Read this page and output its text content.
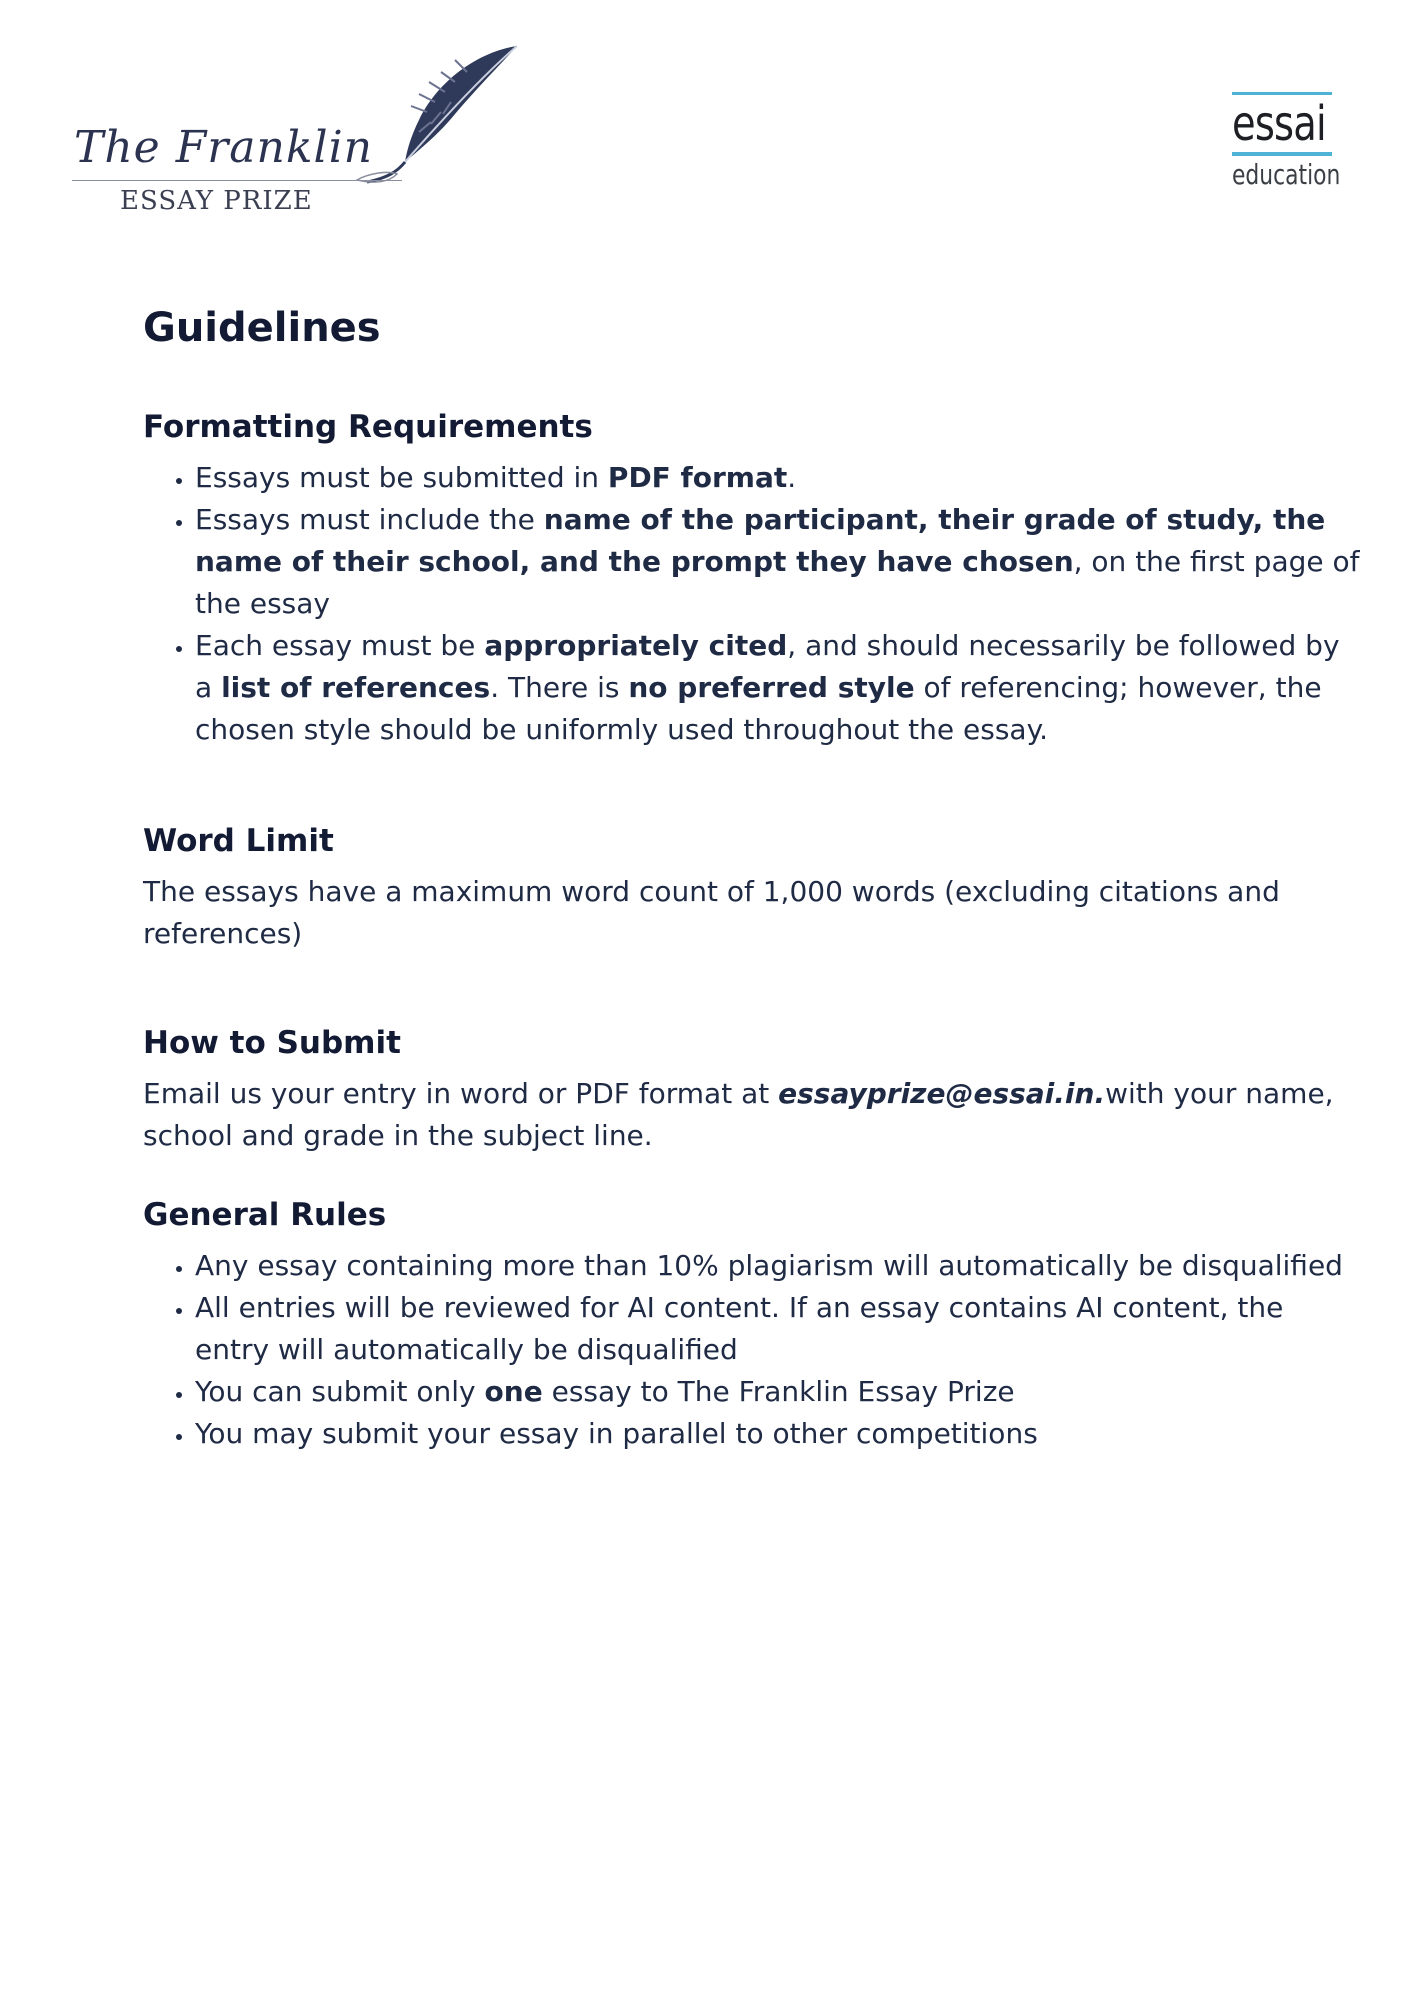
The Franklin
ESSAY PRIZE
essai
education
Guidelines
Formatting Requirements
• Essays must be submitted in PDF format.
• Essays must include the name of the participant, their grade of study, the name of their school, and the prompt they have chosen, on the first page of the essay
• Each essay must be appropriately cited, and should necessarily be followed by a list of references. There is no preferred style of referencing; however, the chosen style should be uniformly used throughout the essay.
Word Limit

The essays have a maximum word count of 1,000 words (excluding citations and references)

How to Submit

Email us your entry in word or PDF format at essayprize@essai.in.with your name, school and grade in the subject line.

General Rules
• Any essay containing more than 10% plagiarism will automatically be disqualified
• All entries will be reviewed for AI content. If an essay contains AI content, the entry will automatically be disqualified
• You can submit only one essay to The Franklin Essay Prize
• You may submit your essay in parallel to other competitions
